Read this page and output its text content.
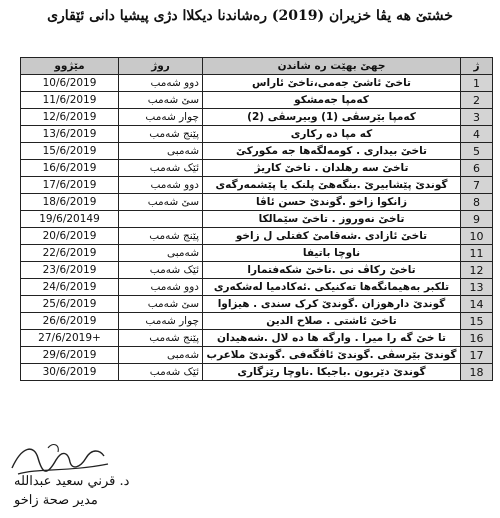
خشتێ هه یڤا خزیران (2019) رەشاندنا دیکلاا دژی پیشیا دانی ئێقاری
مێژوو	روژ	جهێ بهێت رە شاندن	ژ
10/6/2019	دوو شەمب	تاخێ ئاشێ جەمی،تاخێ ئاراس	1
11/6/2019	سێ شەمب	کەمپا جەمشکو	2
12/6/2019	چوار شەمب	کەمپا بێرسڤی (1) وبیرسڤی (2)	3
13/6/2019	پێنج شەمب	کە مپا دە رکاری	4
15/6/2019	شەمبی	تاخێ بیداری . کومەلگەها جە مکورکێ	5
16/6/2019	ئێک شەمب	تاخێ سە رهلدان . تاخێ کاریژ	6
17/6/2019	دوو شەمب	گوندێ پێشابیرێ .بنگەهێ پلنک یا پێشمەرگەی	7
18/6/2019	سێ شەمب	زانکوا زاخو .گوندێ حسن ئاڤا	8
19/6/20149		تاخێ نەوروز . تاخێ سێمالکا	9
20/6/2019	پێنج شەمب	تاخێ ئازادی .شەقامێ کفتلی ل زاخو	10
22/6/2019	شەمبی	ناوچا باتیفا	11
23/6/2019	ئێک شەمب	تاخێ رکاڤ نی .تاخێ شکەفتمارا	12
24/6/2019	دوو شەمب	تلکبر بەهیمانگەها تەکنیکی .ئەکادمیا لەشکەری	13
25/6/2019	سێ شەمب	گوندێ دارهوزان .گوندێ کرک سندی . هیزاوا	14
26/6/2019	چوار شەمب	تاخێ ئاشتی . صلاح الدین	15
27/6/2019+	پێنج شەمب	تا خێ گە را میرا . وارگە ها دە لال .شەهیدان	16
29/6/2019	شەمبی	گوندێ بێرسڤی .گوندێ ئاڤگەفی .گوندێ ملاعرب	17
30/6/2019	ئێک شەمب	گوندێ دێربون .باجیکا .ناوچا رێزگاری	18
د. قرني سعيد عبدالله
مدير صحة زاخو
